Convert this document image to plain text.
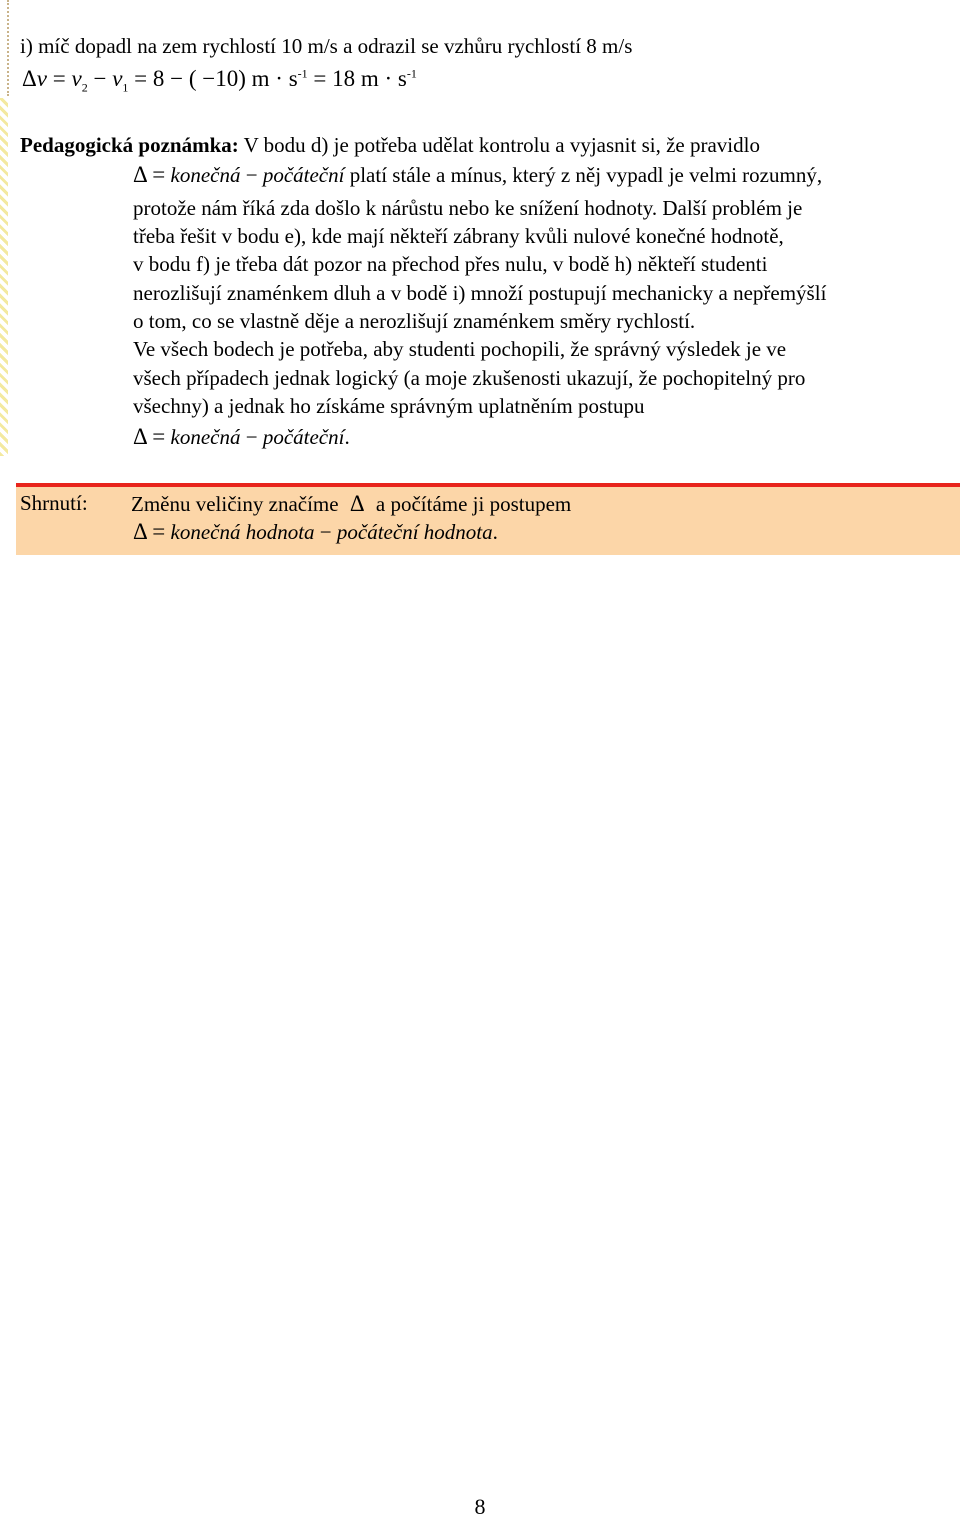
i) míč dopadl na zem rychlostí 10 m/s a odrazil se vzhůru rychlostí 8 m/s
$\Delta v = v_2 - v_1 = 8$ − ( −10) $m \cdot s^{-1} = 18$ $m \cdot s^{-1}$
Pedagogická poznámka: V bodu d) je potřeba udělat kontrolu a vyjasnit si, že pravidlo
Δ = konečná − počáteční platí stále a mínus, který z něj vypadl je velmi rozumný,
protože nám říká zda došlo k nárůstu nebo ke snížení hodnoty. Další problém je
třeba řešit v bodu e), kde mají někteří zábrany kvůli nulové konečné hodnotě,
v bodu f) je třeba dát pozor na přechod přes nulu, v bodě h) někteří studenti
nerozlišují znaménkem dluh a v bodě i) množí postupují mechanicky a nepřemýšlí
o tom, co se vlastně děje a nerozlišují znaménkem směry rychlostí.
Ve všech bodech je potřeba, aby studenti pochopili, že správný výsledek je ve
všech případech jednak logický (a moje zkušenosti ukazují, že pochopitelný pro
všechny) a jednak ho získáme správným uplatněním postupu
Δ = konečná − počáteční.
Shrnutí: Změnu veličiny značíme Δ a počítáme ji postupem
Δ = konečná hodnota − počáteční hodnota.
8
